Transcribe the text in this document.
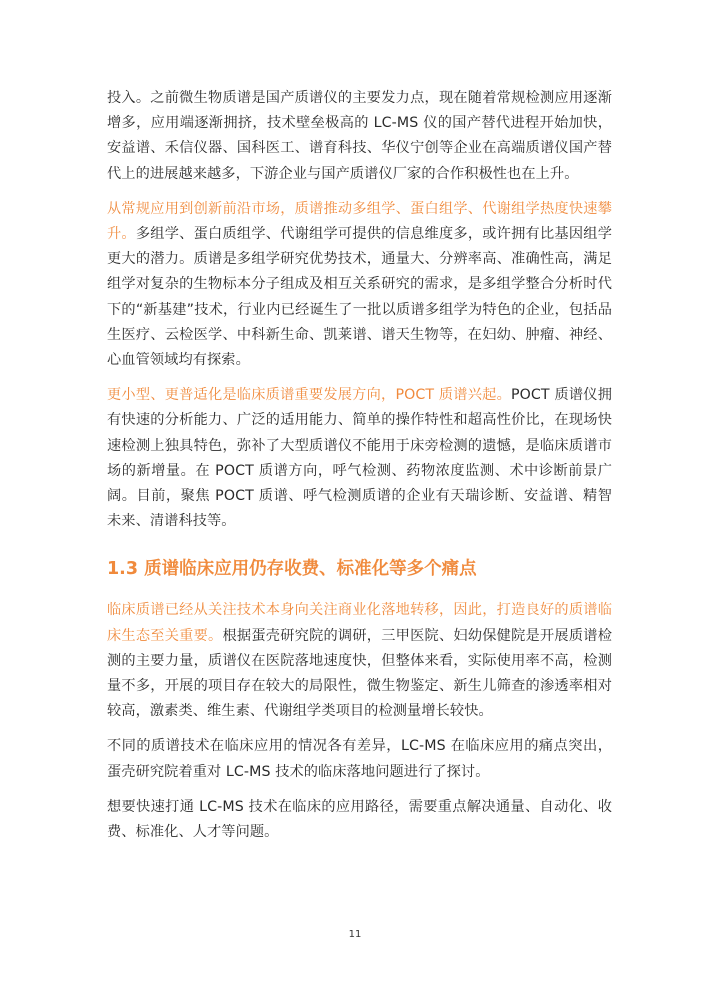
投入。之前微生物质谱是国产质谱仪的主要发力点，现在随着常规检测应用逐渐增多，应用端逐渐拥挤，技术壁垒极高的 LC-MS 仪的国产替代进程开始加快，安益谱、禾信仪器、国科医工、谱育科技、华仪宁创等企业在高端质谱仪国产替代上的进展越来越多，下游企业与国产质谱仪厂家的合作积极性也在上升。

从常规应用到创新前沿市场，质谱推动多组学、蛋白组学、代谢组学热度快速攀升。多组学、蛋白质组学、代谢组学可提供的信息维度多，或许拥有比基因组学更大的潜力。质谱是多组学研究优势技术，通量大、分辨率高、准确性高，满足组学对复杂的生物标本分子组成及相互关系研究的需求，是多组学整合分析时代下的“新基建”技术，行业内已经诞生了一批以质谱多组学为特色的企业，包括品生医疗、云检医学、中科新生命、凯莱谱、谱天生物等，在妇幼、肿瘤、神经、心血管领域均有探索。

更小型、更普适化是临床质谱重要发展方向，POCT 质谱兴起。POCT 质谱仪拥有快速的分析能力、广泛的适用能力、简单的操作特性和超高性价比，在现场快速检测上独具特色，弥补了大型质谱仪不能用于床旁检测的遗憾，是临床质谱市场的新增量。在 POCT 质谱方向，呼气检测、药物浓度监测、术中诊断前景广阔。目前，聚焦 POCT 质谱、呼气检测质谱的企业有天瑞诊断、安益谱、精智未来、清谱科技等。

1.3 质谱临床应用仍存收费、标准化等多个痛点

临床质谱已经从关注技术本身向关注商业化落地转移，因此，打造良好的质谱临床生态至关重要。根据蛋壳研究院的调研，三甲医院、妇幼保健院是开展质谱检测的主要力量，质谱仪在医院落地速度快，但整体来看，实际使用率不高，检测量不多，开展的项目存在较大的局限性，微生物鉴定、新生儿筛查的渗透率相对较高，激素类、维生素、代谢组学类项目的检测量增长较快。

不同的质谱技术在临床应用的情况各有差异，LC-MS 在临床应用的痛点突出，蛋壳研究院着重对 LC-MS 技术的临床落地问题进行了探讨。

想要快速打通 LC-MS 技术在临床的应用路径，需要重点解决通量、自动化、收费、标准化、人才等问题。

11
